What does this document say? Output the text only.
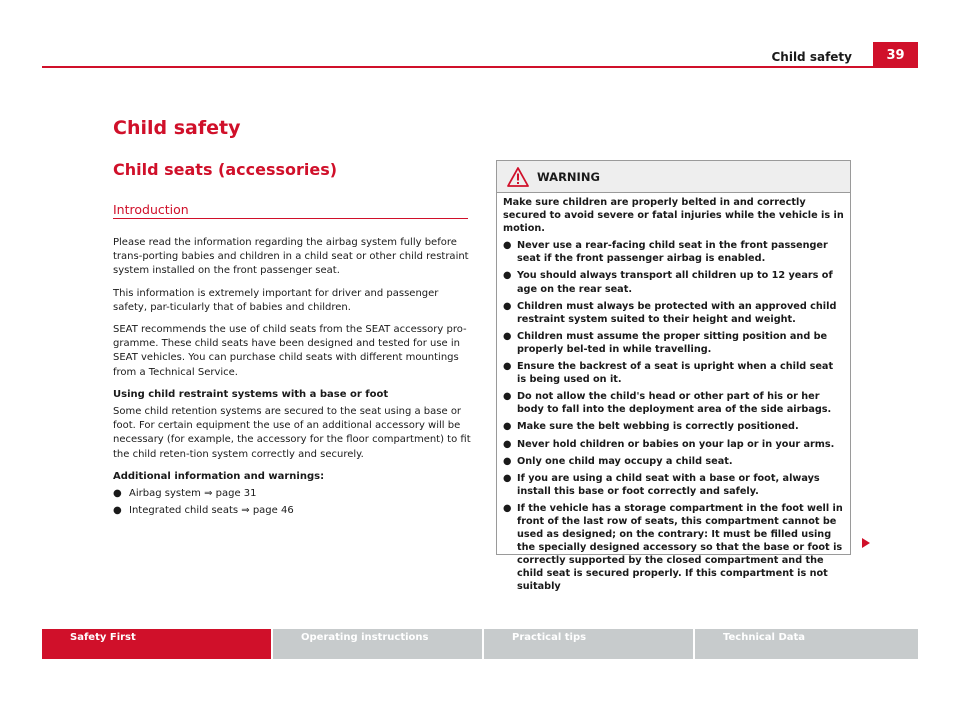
Child safety	39
Child safety
Child seats (accessories)
Introduction

Please read the information regarding the airbag system fully before trans-porting babies and children in a child seat or other child restraint system installed on the front passenger seat.

This information is extremely important for driver and passenger safety, par-ticularly that of babies and children.

SEAT recommends the use of child seats from the SEAT accessory pro-gramme. These child seats have been designed and tested for use in SEAT vehicles. You can purchase child seats with different mountings from a Technical Service.

Using child restraint systems with a base or foot

Some child retention systems are secured to the seat using a base or foot. For certain equipment the use of an additional accessory will be necessary (for example, the accessory for the floor compartment) to fit the child reten-tion system correctly and securely.

Additional information and warnings:

● Airbag system ⇒ page 31
● Integrated child seats ⇒ page 46
WARNING

Make sure children are properly belted in and correctly secured to avoid severe or fatal injuries while the vehicle is in motion.

● Never use a rear-facing child seat in the front passenger seat if the front passenger airbag is enabled.
● You should always transport all children up to 12 years of age on the rear seat.
● Children must always be protected with an approved child restraint system suited to their height and weight.
● Children must assume the proper sitting position and be properly bel-ted in while travelling.
● Ensure the backrest of a seat is upright when a child seat is being used on it.
● Do not allow the child's head or other part of his or her body to fall into the deployment area of the side airbags.
● Make sure the belt webbing is correctly positioned.
● Never hold children or babies on your lap or in your arms.
● Only one child may occupy a child seat.
● If you are using a child seat with a base or foot, always install this base or foot correctly and safely.
● If the vehicle has a storage compartment in the foot well in front of the last row of seats, this compartment cannot be used as designed; on the contrary: It must be filled using the specially designed accessory so that the base or foot is correctly supported by the closed compartment and the child seat is secured properly. If this compartment is not suitably
Safety First	Operating instructions	Practical tips	Technical Data
